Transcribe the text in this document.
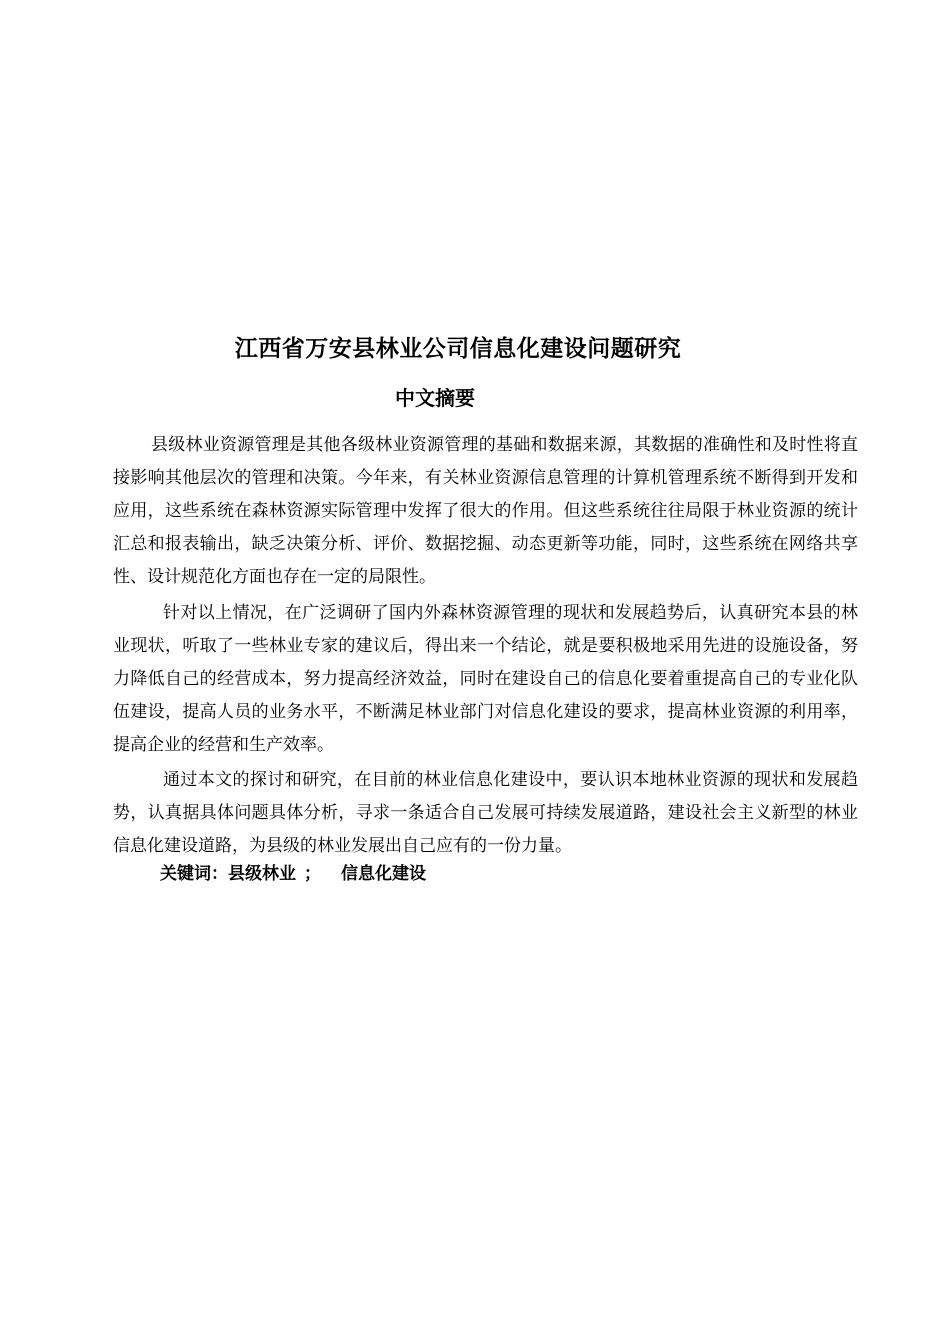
江西省万安县林业公司信息化建设问题研究
中文摘要

县级林业资源管理是其他各级林业资源管理的基础和数据来源，其数据的准确性和及时性将直接影响其他层次的管理和决策。今年来，有关林业资源信息管理的计算机管理系统不断得到开发和应用，这些系统在森林资源实际管理中发挥了很大的作用。但这些系统往往局限于林业资源的统计汇总和报表输出，缺乏决策分析、评价、数据挖掘、动态更新等功能，同时，这些系统在网络共享性、设计规范化方面也存在一定的局限性。

针对以上情况，在广泛调研了国内外森林资源管理的现状和发展趋势后，认真研究本县的林业现状，听取了一些林业专家的建议后，得出来一个结论，就是要积极地采用先进的设施设备，努力降低自己的经营成本，努力提高经济效益，同时在建设自己的信息化要着重提高自己的专业化队伍建设，提高人员的业务水平，不断满足林业部门对信息化建设的要求，提高林业资源的利用率，提高企业的经营和生产效率。

通过本文的探讨和研究，在目前的林业信息化建设中，要认识本地林业资源的现状和发展趋势，认真据具体问题具体分析，寻求一条适合自己发展可持续发展道路，建设社会主义新型的林业信息化建设道路，为县级的林业发展出自己应有的一份力量。

关键词：县级林业 ； 信息化建设
